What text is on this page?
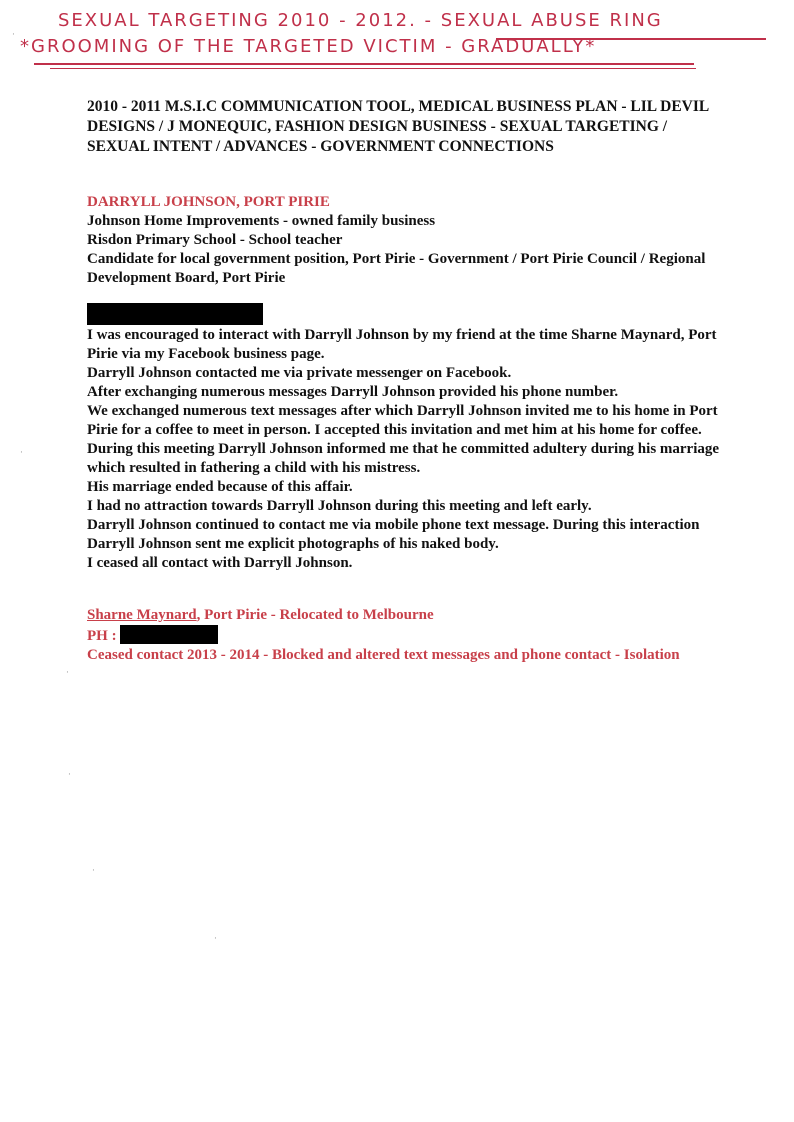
SEXUAL TARGETING 2010 - 2012. - SEXUAL ABUSE RING
*GROOMING OF THE TARGETED VICTIM - GRADUALLY*
2010 - 2011 M.S.I.C COMMUNICATION TOOL, MEDICAL BUSINESS PLAN - LIL DEVIL DESIGNS / J MONEQUIC, FASHION DESIGN BUSINESS - SEXUAL TARGETING / SEXUAL INTENT / ADVANCES - GOVERNMENT CONNECTIONS

DARRYLL JOHNSON, PORT PIRIE

Johnson Home Improvements - owned family business

Risdon Primary School - School teacher

Candidate for local government position, Port Pirie - Government / Port Pirie Council / Regional Development Board, Port Pirie

I was encouraged to interact with Darryll Johnson by my friend at the time Sharne Maynard, Port Pirie via my Facebook business page.

Darryll Johnson contacted me via private messenger on Facebook.

After exchanging numerous messages Darryll Johnson provided his phone number.

We exchanged numerous text messages after which Darryll Johnson invited me to his home in Port Pirie for a coffee to meet in person. I accepted this invitation and met him at his home for coffee. During this meeting Darryll Johnson informed me that he committed adultery during his marriage which resulted in fathering a child with his mistress.

His marriage ended because of this affair.

I had no attraction towards Darryll Johnson during this meeting and left early.

Darryll Johnson continued to contact me via mobile phone text message. During this interaction Darryll Johnson sent me explicit photographs of his naked body.

I ceased all contact with Darryll Johnson.

Sharne Maynard, Port Pirie - Relocated to Melbourne

PH :

Ceased contact 2013 - 2014 - Blocked and altered text messages and phone contact - Isolation

·
·
·
·
·
·
